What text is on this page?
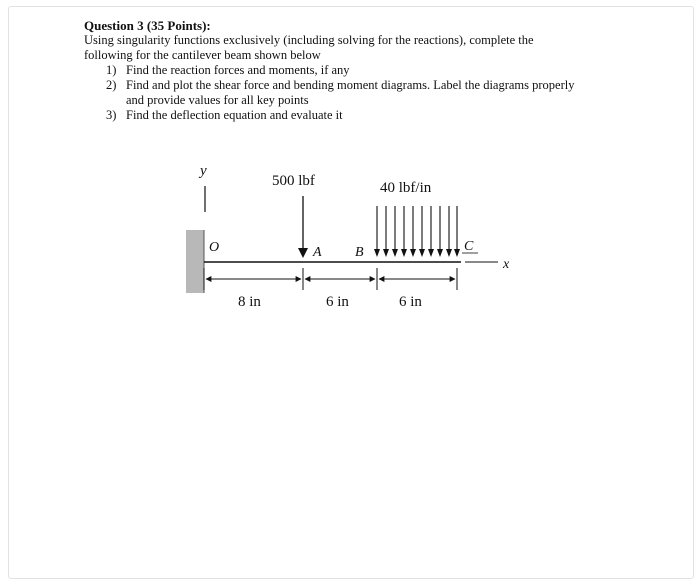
Question 3 (35 Points):

Using singularity functions exclusively (including solving for the reactions), complete the
following for the cantilever beam shown below

1) Find the reaction forces and moments, if any
2) Find and plot the shear force and bending moment diagrams. Label the diagrams properly
and provide values for all key points
3) Find the deflection equation and evaluate it
y
x
O	A B	C
500 lbf	40 lbf/in
8 in	6 in	6 in
